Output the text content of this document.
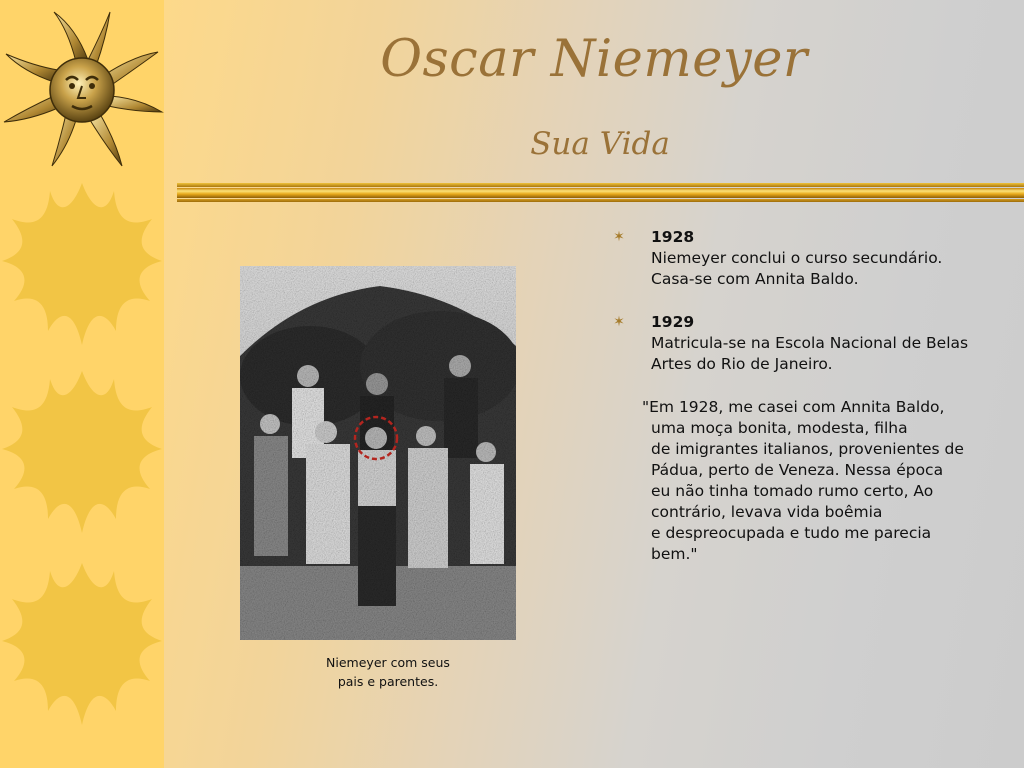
Oscar Niemeyer
Sua Vida
Niemeyer com seus
pais e parentes.
✶ 1928
Niemeyer conclui o curso secundário.
Casa-se com Annita Baldo.
✶ 1929
Matricula-se na Escola Nacional de Belas
Artes do Rio de Janeiro.
"Em 1928, me casei com Annita Baldo,
uma moça bonita, modesta, filha
de imigrantes italianos, provenientes de
Pádua, perto de Veneza. Nessa época
eu não tinha tomado rumo certo, Ao
contrário, levava vida boêmia
e despreocupada e tudo me parecia
bem."
